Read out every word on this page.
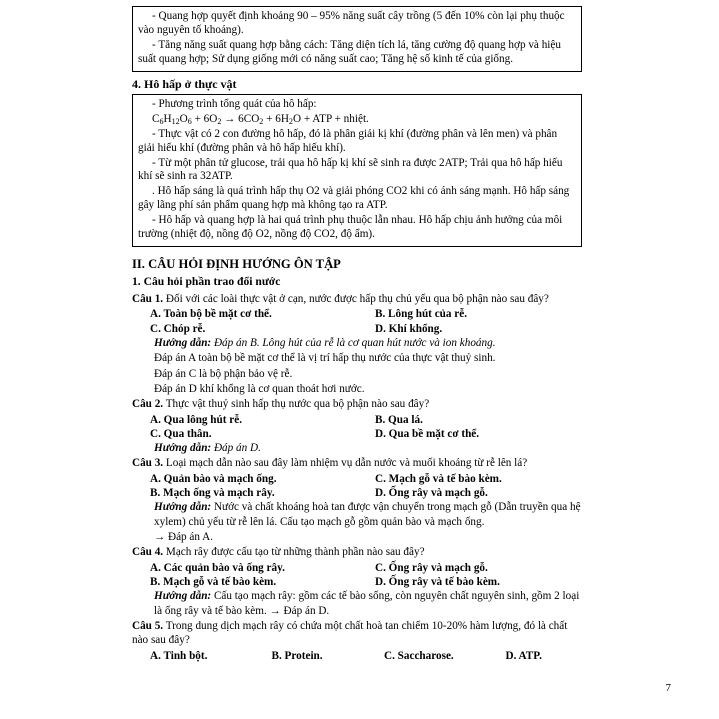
- Quang hợp quyết định khoảng 90 – 95% năng suất cây trồng (5 đến 10% còn lại phụ thuộc vào nguyên tố khoáng).

- Tăng năng suất quang hợp bằng cách: Tăng diện tích lá, tăng cường độ quang hợp và hiệu suất quang hợp; Sử dụng giống mới có năng suất cao; Tăng hệ số kinh tế của giống.

4. Hô hấp ở thực vật

- Phương trình tổng quát của hô hấp:

$C_6H_{12}O_6 + 6O_2 \to 6CO_2 + 6H_2O$ + ATP + nhiệt.

- Thực vật có 2 con đường hô hấp, đó là phân giải kị khí (đường phân và lên men) và phân giải hiếu khí (đường phân và hô hấp hiếu khí).

- Từ một phân tử glucose, trải qua hô hấp kị khí sẽ sinh ra được 2ATP; Trải qua hô hấp hiếu khí sẽ sinh ra 32ATP.

. Hô hấp sáng là quá trình hấp thụ O2 và giải phóng CO2 khi có ánh sáng mạnh. Hô hấp sáng gây lãng phí sản phẩm quang hợp mà không tạo ra ATP.

- Hô hấp và quang hợp là hai quá trình phụ thuộc lẫn nhau. Hô hấp chịu ảnh hưởng của môi trường (nhiệt độ, nồng độ O2, nồng độ CO2, độ ẩm).

II. CÂU HỎI ĐỊNH HƯỚNG ÔN TẬP
1. Câu hỏi phần trao đổi nước

Câu 1. Đối với các loài thực vật ở cạn, nước được hấp thụ chủ yếu qua bộ phận nào sau đây?

A. Toàn bộ bề mặt cơ thể.	B. Lông hút của rễ.
C. Chóp rễ.	D. Khí khổng.

Hướng dẫn: Đáp án B. Lông hút của rễ là cơ quan hút nước và ion khoáng.

Đáp án A toàn bộ bề mặt cơ thể là vị trí hấp thụ nước của thực vật thuỷ sinh.

Đáp án C là bộ phận bảo vệ rễ.

Đáp án D khí khổng là cơ quan thoát hơi nước.

Câu 2. Thực vật thuỷ sinh hấp thụ nước qua bộ phận nào sau đây?

A. Qua lông hút rễ.	B. Qua lá.
C. Qua thân.	D. Qua bề mặt cơ thể.

Hướng dẫn: Đáp án D.

Câu 3. Loại mạch dẫn nào sau đây làm nhiệm vụ dẫn nước và muối khoáng từ rễ lên lá?

A. Quản bào và mạch ống.	C. Mạch gỗ và tế bào kèm.
B. Mạch ống và mạch rây.	D. Ống rây và mạch gỗ.

Hướng dẫn: Nước và chất khoáng hoà tan được vận chuyển trong mạch gỗ (Dẫn truyền qua hệ xylem) chủ yếu từ rễ lên lá. Cấu tạo mạch gỗ gồm quản bào và mạch ống.

→ Đáp án A.

Câu 4. Mạch rây được cấu tạo từ những thành phần nào sau đây?

A. Các quản bào và ống rây.	C. Ống rây và mạch gỗ.
B. Mạch gỗ và tế bào kèm.	D. Ống rây và tế bào kèm.

Hướng dẫn: Cấu tạo mạch rây: gồm các tế bào sống, còn nguyên chất nguyên sinh, gồm 2 loại là ống rây và tế bào kèm. → Đáp án D.

Câu 5. Trong dung dịch mạch rây có chứa một chất hoà tan chiếm 10-20% hàm lượng, đó là chất nào sau đây?

A. Tinh bột.	B. Protein.	C. Saccharose.	D. ATP.
7
